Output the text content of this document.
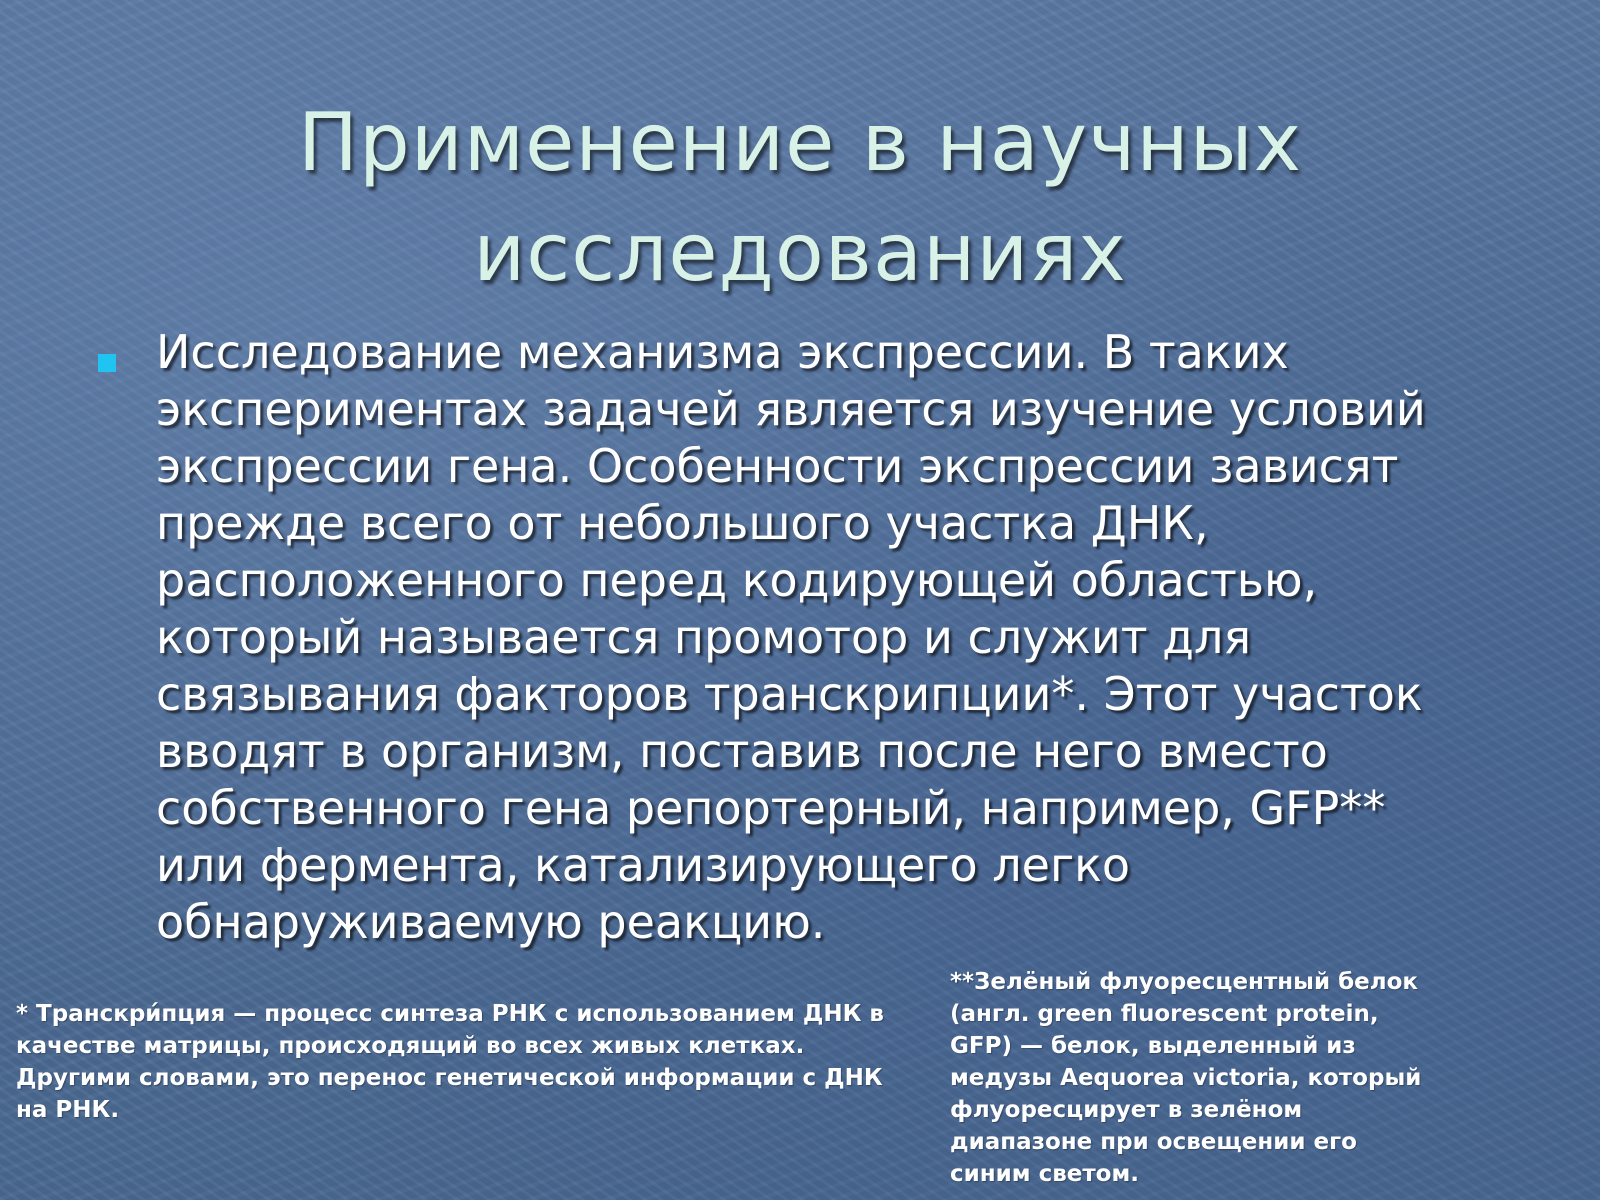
Применение в научных
исследованиях
Исследование механизма экспрессии. В таких экспериментах задачей является изучение условий экспрессии гена. Особенности экспрессии зависят прежде всего от небольшого участка ДНК, расположенного перед кодирующей областью, который называется промотор и служит для связывания факторов транскрипции*. Этот участок вводят в организм, поставив после него вместо собственного гена репортерный, например, GFP** или фермента, катализирующего легко обнаруживаемую реакцию.
* Транскри́пция — процесс синтеза РНК с использованием ДНК в качестве матрицы, происходящий во всех живых клетках. Другими словами, это перенос генетической информации с ДНК на РНК.
**Зелёный флуоресцентный белок (англ. green fluorescent protein, GFP) — белок, выделенный из медузы Aequorea victoria, который флуоресцирует в зелёном диапазоне при освещении его синим светом.
